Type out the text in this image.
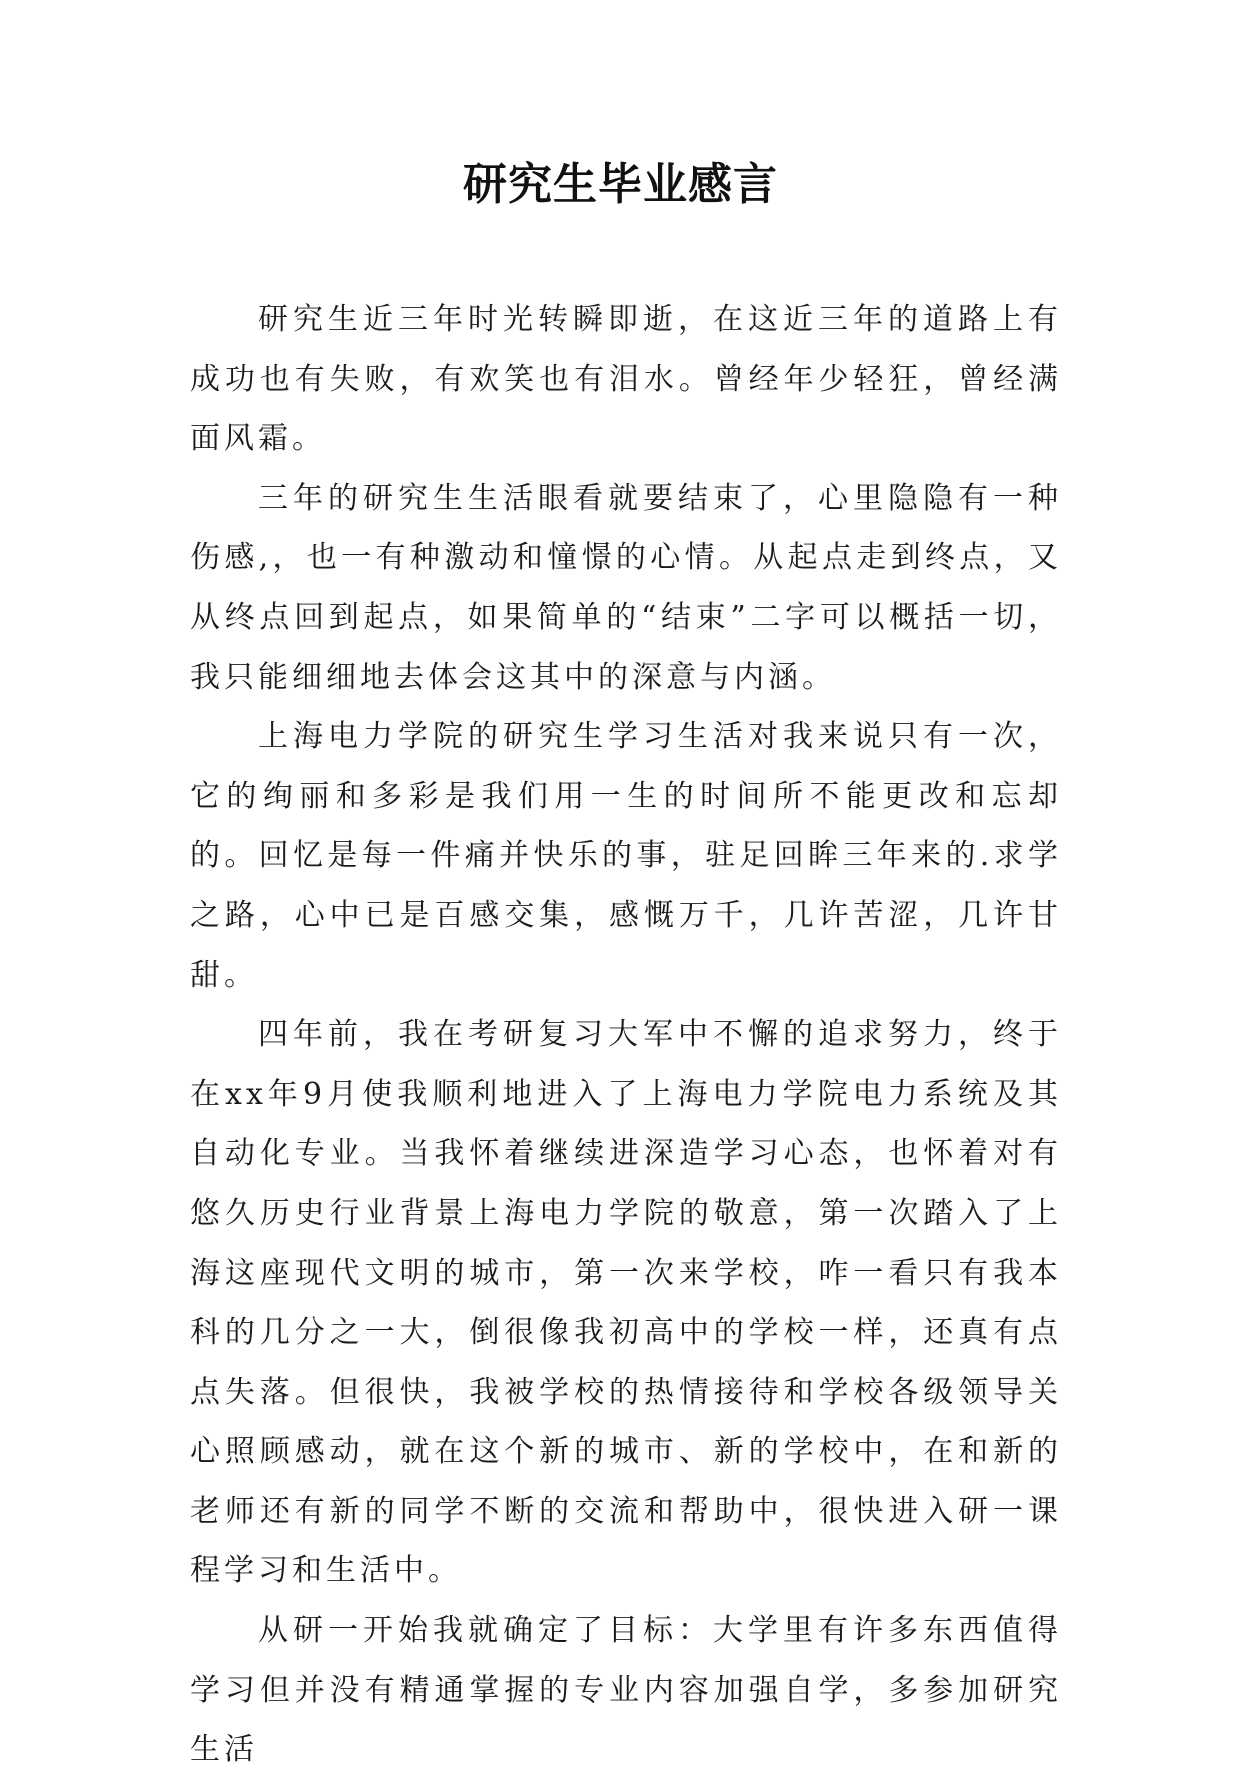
研究生毕业感言

研究生近三年时光转瞬即逝，在这近三年的道路上有成功也有失败，有欢笑也有泪水。曾经年少轻狂，曾经满面风霜。

三年的研究生生活眼看就要结束了，心里隐隐有一种伤感,，也一有种激动和憧憬的心情。从起点走到终点，又从终点回到起点，如果简单的“结束”二字可以概括一切，我只能细细地去体会这其中的深意与内涵。

上海电力学院的研究生学习生活对我来说只有一次，它的绚丽和多彩是我们用一生的时间所不能更改和忘却的。回忆是每一件痛并快乐的事，驻足回眸三年来的.求学之路，心中已是百感交集，感慨万千，几许苦涩，几许甘甜。

四年前，我在考研复习大军中不懈的追求努力，终于在xx年9月使我顺利地进入了上海电力学院电力系统及其自动化专业。当我怀着继续进深造学习心态，也怀着对有悠久历史行业背景上海电力学院的敬意，第一次踏入了上海这座现代文明的城市，第一次来学校，咋一看只有我本科的几分之一大，倒很像我初高中的学校一样，还真有点点失落。但很快，我被学校的热情接待和学校各级领导关心照顾感动，就在这个新的城市、新的学校中，在和新的老师还有新的同学不断的交流和帮助中，很快进入研一课程学习和生活中。

从研一开始我就确定了目标：大学里有许多东西值得学习但并没有精通掌握的专业内容加强自学，多参加研究生活
